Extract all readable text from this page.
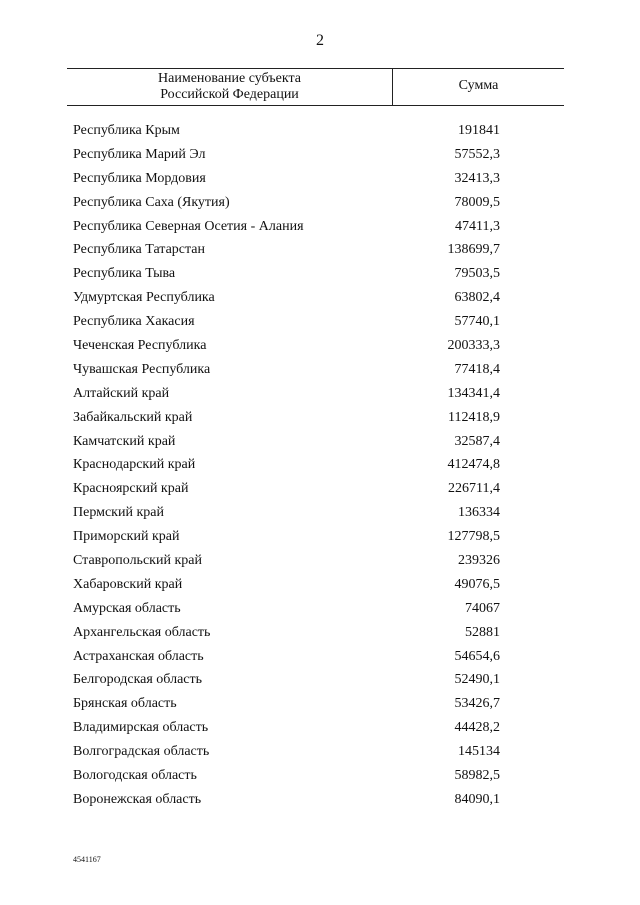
2
Наименование субъекта
Российской Федерации
Сумма
Республика Крым	191841
Республика Марий Эл	57552,3
Республика Мордовия	32413,3
Республика Саха (Якутия)	78009,5
Республика Северная Осетия - Алания	47411,3
Республика Татарстан	138699,7
Республика Тыва	79503,5
Удмуртская Республика	63802,4
Республика Хакасия	57740,1
Чеченская Республика	200333,3
Чувашская Республика	77418,4
Алтайский край	134341,4
Забайкальский край	112418,9
Камчатский край	32587,4
Краснодарский край	412474,8
Красноярский край	226711,4
Пермский край	136334
Приморский край	127798,5
Ставропольский край	239326
Хабаровский край	49076,5
Амурская область	74067
Архангельская область	52881
Астраханская область	54654,6
Белгородская область	52490,1
Брянская область	53426,7
Владимирская область	44428,2
Волгоградская область	145134
Вологодская область	58982,5
Воронежская область	84090,1
4541167
